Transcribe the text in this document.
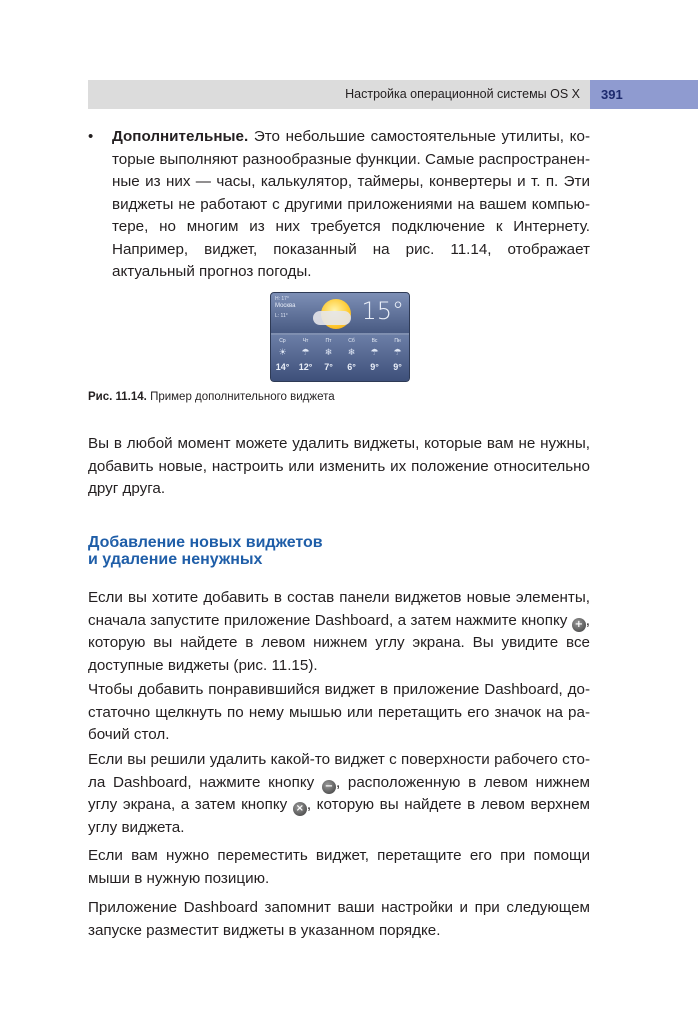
Настройка операционной системы OS X	391
• Дополнительные. Это небольшие самостоятельные утилиты, которые выполняют разнообразные функции. Самые распространенные из них — часы, калькулятор, таймеры, конвертеры и т. п. Эти виджеты не работают с другими приложениями на вашем компьютере, но многим из них требуется подключение к Интернету. Например, виджет, показанный на рис. 11.14, отображает актуальный прогноз погоды.
Н: 17°
Москва
L: 11°	15°
Ср
☀
14°
Чт
☂
12°
Пт
❄
7°
Сб
❄
6°
Вс
☂
9°
Пн
☂
9°
Рис. 11.14. Пример дополнительного виджета
Вы в любой момент можете удалить виджеты, которые вам не нужны, добавить новые, настроить или изменить их положение относительно друг друга.
Добавление новых виджетов
и удаление ненужных
Если вы хотите добавить в состав панели виджетов новые элементы, сначала запустите приложение Dashboard, а затем нажмите кнопку + , которую вы найдете в левом нижнем углу экрана. Вы увидите все доступные виджеты (рис. 11.15).
Чтобы добавить понравившийся виджет в приложение Dashboard, достаточно щелкнуть по нему мышью или перетащить его значок на рабочий стол.
Если вы решили удалить какой-то виджет с поверхности рабочего стола Dashboard, нажмите кнопку − , расположенную в левом нижнем углу экрана, а затем кнопку × , которую вы найдете в левом верхнем углу виджета.
Если вам нужно переместить виджет, перетащите его при помощи мыши в нужную позицию.
Приложение Dashboard запомнит ваши настройки и при следующем запуске разместит виджеты в указанном порядке.
